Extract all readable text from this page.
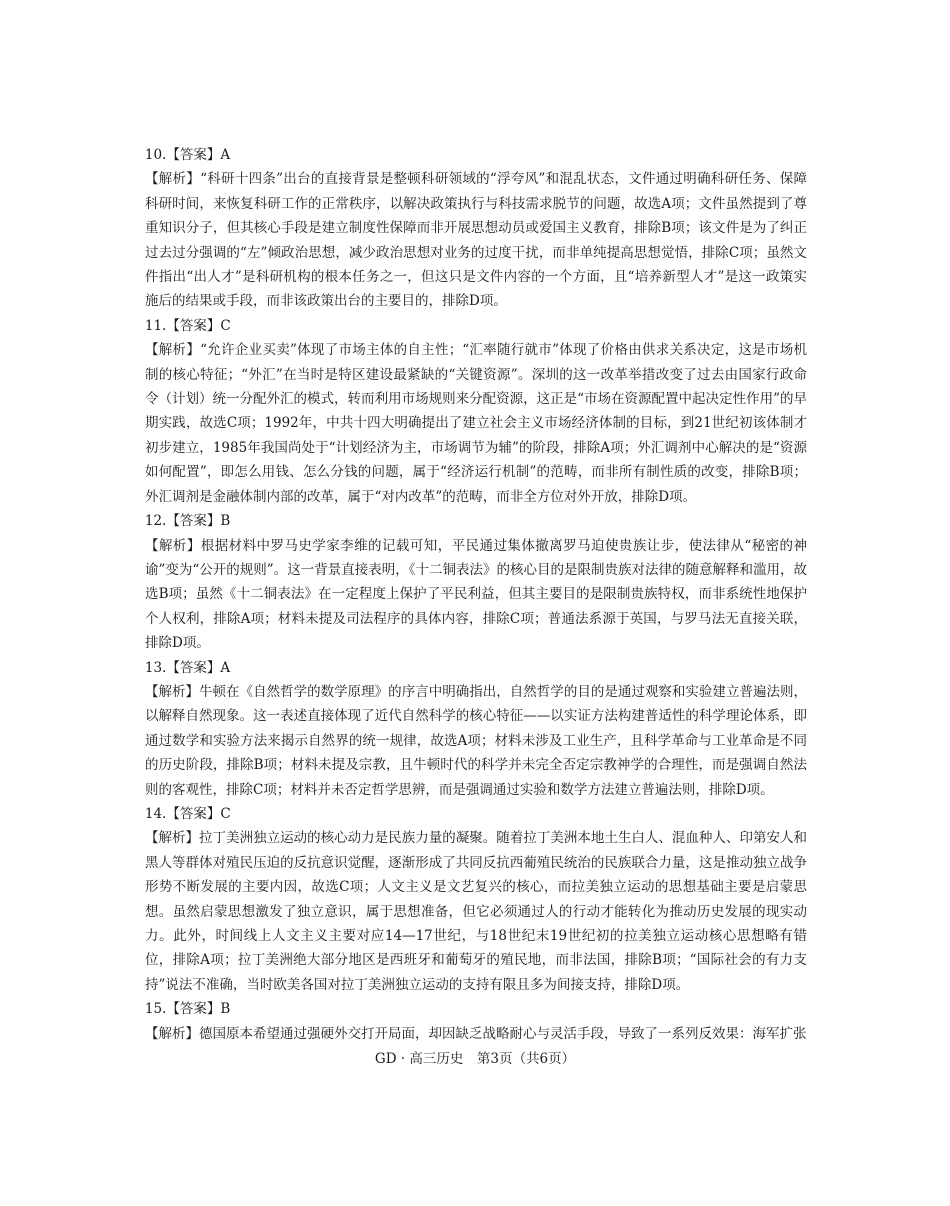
10.【答案】A

【解析】“科研十四条”出台的直接背景是整顿科研领域的“浮夸风”和混乱状态，文件通过明确科研任务、保障科研时间，来恢复科研工作的正常秩序，以解决政策执行与科技需求脱节的问题，故选A项；文件虽然提到了尊重知识分子，但其核心手段是建立制度性保障而非开展思想动员或爱国主义教育，排除B项；该文件是为了纠正过去过分强调的“左”倾政治思想，减少政治思想对业务的过度干扰，而非单纯提高思想觉悟，排除C项；虽然文件指出“出人才”是科研机构的根本任务之一，但这只是文件内容的一个方面，且“培养新型人才”是这一政策实施后的结果或手段，而非该政策出台的主要目的，排除D项。

11.【答案】C

【解析】“允许企业买卖”体现了市场主体的自主性；“汇率随行就市”体现了价格由供求关系决定，这是市场机制的核心特征；“外汇”在当时是特区建设最紧缺的“关键资源”。深圳的这一改革举措改变了过去由国家行政命令（计划）统一分配外汇的模式，转而利用市场规则来分配资源，这正是“市场在资源配置中起决定性作用”的早期实践，故选C项；1992年，中共十四大明确提出了建立社会主义市场经济体制的目标，到21世纪初该体制才初步建立，1985年我国尚处于“计划经济为主，市场调节为辅”的阶段，排除A项；外汇调剂中心解决的是“资源如何配置”，即怎么用钱、怎么分钱的问题，属于“经济运行机制”的范畴，而非所有制性质的改变，排除B项；外汇调剂是金融体制内部的改革，属于“对内改革”的范畴，而非全方位对外开放，排除D项。

12.【答案】B

【解析】根据材料中罗马史学家李维的记载可知，平民通过集体撤离罗马迫使贵族让步，使法律从“秘密的神谕”变为“公开的规则”。这一背景直接表明，《十二铜表法》的核心目的是限制贵族对法律的随意解释和滥用，故选B项；虽然《十二铜表法》在一定程度上保护了平民利益，但其主要目的是限制贵族特权，而非系统性地保护个人权利，排除A项；材料未提及司法程序的具体内容，排除C项；普通法系源于英国，与罗马法无直接关联，排除D项。

13.【答案】A

【解析】牛顿在《自然哲学的数学原理》的序言中明确指出，自然哲学的目的是通过观察和实验建立普遍法则，以解释自然现象。这一表述直接体现了近代自然科学的核心特征——以实证方法构建普适性的科学理论体系，即通过数学和实验方法来揭示自然界的统一规律，故选A项；材料未涉及工业生产，且科学革命与工业革命是不同的历史阶段，排除B项；材料未提及宗教，且牛顿时代的科学并未完全否定宗教神学的合理性，而是强调自然法则的客观性，排除C项；材料并未否定哲学思辨，而是强调通过实验和数学方法建立普遍法则，排除D项。

14.【答案】C

【解析】拉丁美洲独立运动的核心动力是民族力量的凝聚。随着拉丁美洲本地土生白人、混血种人、印第安人和黑人等群体对殖民压迫的反抗意识觉醒，逐渐形成了共同反抗西葡殖民统治的民族联合力量，这是推动独立战争形势不断发展的主要内因，故选C项；人文主义是文艺复兴的核心，而拉美独立运动的思想基础主要是启蒙思想。虽然启蒙思想激发了独立意识，属于思想准备，但它必须通过人的行动才能转化为推动历史发展的现实动力。此外，时间线上人文主义主要对应14—17世纪，与18世纪末19世纪初的拉美独立运动核心思想略有错位，排除A项；拉丁美洲绝大部分地区是西班牙和葡萄牙的殖民地，而非法国，排除B项；“国际社会的有力支持”说法不准确，当时欧美各国对拉丁美洲独立运动的支持有限且多为间接支持，排除D项。

15.【答案】B

【解析】德国原本希望通过强硬外交打开局面，却因缺乏战略耐心与灵活手段，导致了一系列反效果：海军扩张

GD · 高三历史　第3页（共6页）
